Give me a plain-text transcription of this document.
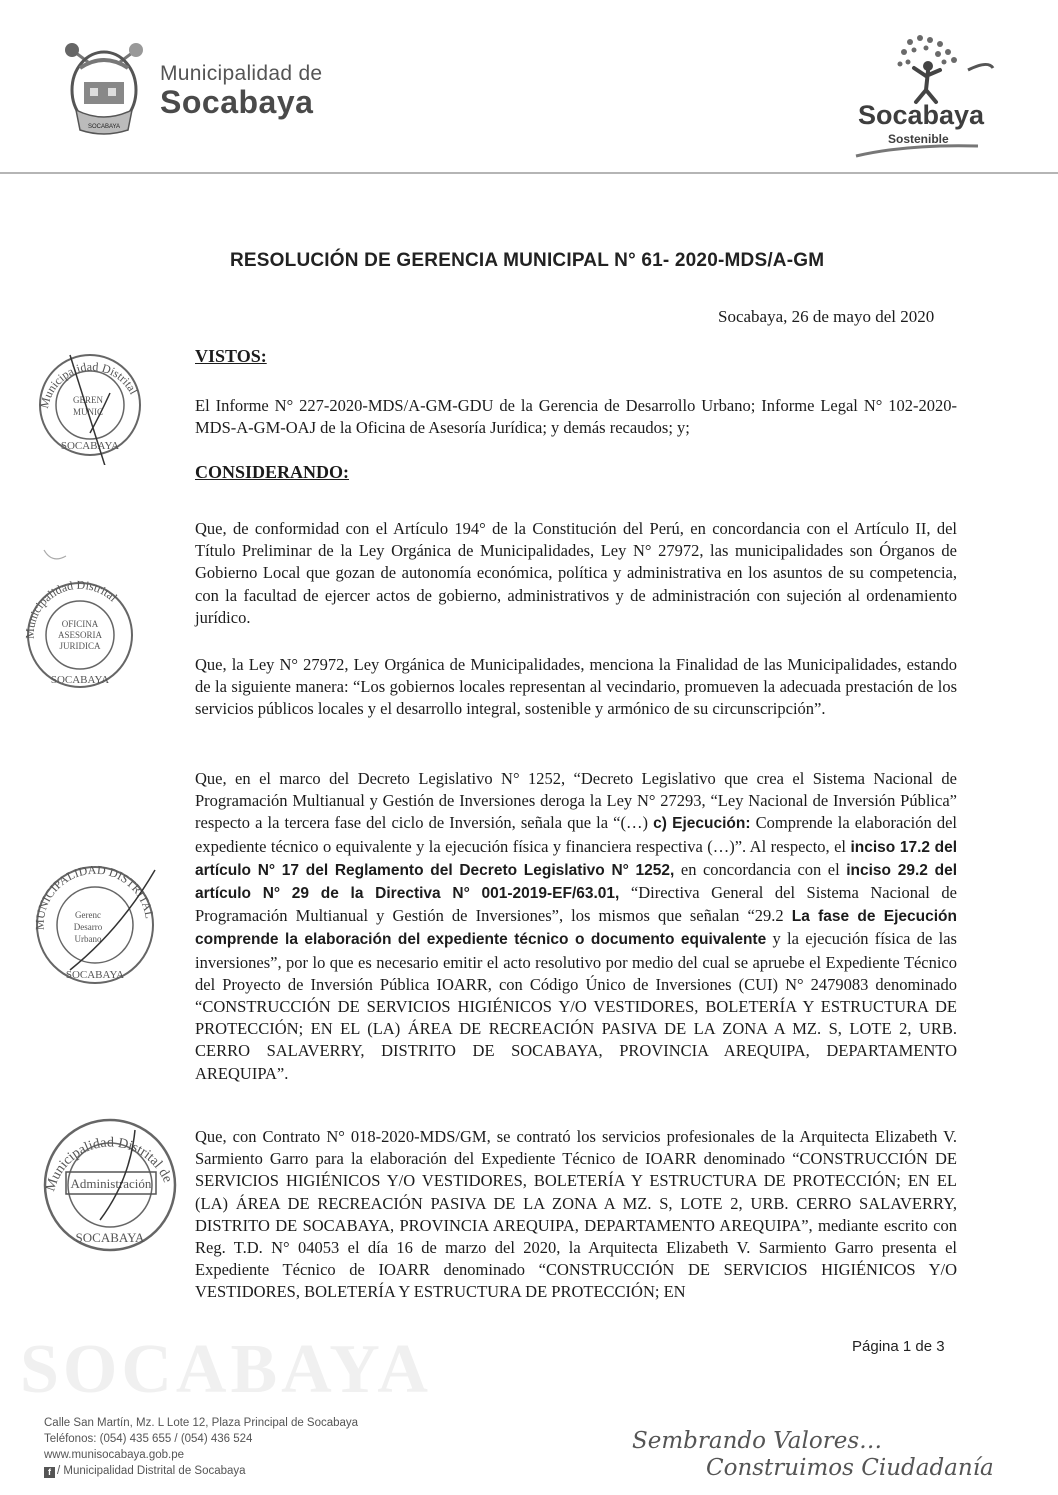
SOCABAYA
Municipalidad de
Socabaya	Socabaya
Sostenible
RESOLUCIÓN DE GERENCIA MUNICIPAL N° 61- 2020-MDS/A-GM
Socabaya, 26 de mayo del 2020
Municipalidad Distrital
SOCABAYA
GEREN
MUNIC
Municipalidad Distrital
SOCABAYA
OFICINA
ASESORIA
JURIDICA
MUNICIPALIDAD DISTRITAL
SOCABAYA
Gerenc
Desarro
Urbano
Municipalidad Distrital de
Administración
SOCABAYA
VISTOS:
El Informe N° 227-2020-MDS/A-GM-GDU de la Gerencia de Desarrollo Urbano; Informe Legal N° 102-2020-MDS-A-GM-OAJ de la Oficina de Asesoría Jurídica; y demás recaudos; y;
CONSIDERANDO:
Que, de conformidad con el Artículo 194° de la Constitución del Perú, en concordancia con el Artículo II, del Título Preliminar de la Ley Orgánica de Municipalidades, Ley N° 27972, las municipalidades son Órganos de Gobierno Local que gozan de autonomía económica, política y administrativa en los asuntos de su competencia, con la facultad de ejercer actos de gobierno, administrativos y de administración con sujeción al ordenamiento jurídico.
Que, la Ley N° 27972, Ley Orgánica de Municipalidades, menciona la Finalidad de las Municipalidades, estando de la siguiente manera: “Los gobiernos locales representan al vecindario, promueven la adecuada prestación de los servicios públicos locales y el desarrollo integral, sostenible y armónico de su circunscripción”.
Que, en el marco del Decreto Legislativo N° 1252, “Decreto Legislativo que crea el Sistema Nacional de Programación Multianual y Gestión de Inversiones deroga la Ley N° 27293, “Ley Nacional de Inversión Pública” respecto a la tercera fase del ciclo de Inversión, señala que la “(…) c) Ejecución: Comprende la elaboración del expediente técnico o equivalente y la ejecución física y financiera respectiva (…)”. Al respecto, el inciso 17.2 del artículo N° 17 del Reglamento del Decreto Legislativo N° 1252, en concordancia con el inciso 29.2 del artículo N° 29 de la Directiva N° 001-2019-EF/63.01, “Directiva General del Sistema Nacional de Programación Multianual y Gestión de Inversiones”, los mismos que señalan “29.2 La fase de Ejecución comprende la elaboración del expediente técnico o documento equivalente y la ejecución física de las inversiones”, por lo que es necesario emitir el acto resolutivo por medio del cual se apruebe el Expediente Técnico del Proyecto de Inversión Pública IOARR, con Código Único de Inversiones (CUI) N° 2479083 denominado “CONSTRUCCIÓN DE SERVICIOS HIGIÉNICOS Y/O VESTIDORES, BOLETERÍA Y ESTRUCTURA DE PROTECCIÓN; EN EL (LA) ÁREA DE RECREACIÓN PASIVA DE LA ZONA A MZ. S, LOTE 2, URB. CERRO SALAVERRY, DISTRITO DE SOCABAYA, PROVINCIA AREQUIPA, DEPARTAMENTO AREQUIPA”.
Que, con Contrato N° 018-2020-MDS/GM, se contrató los servicios profesionales de la Arquitecta Elizabeth V. Sarmiento Garro para la elaboración del Expediente Técnico de IOARR denominado “CONSTRUCCIÓN DE SERVICIOS HIGIÉNICOS Y/O VESTIDORES, BOLETERÍA Y ESTRUCTURA DE PROTECCIÓN; EN EL (LA) ÁREA DE RECREACIÓN PASIVA DE LA ZONA A MZ. S, LOTE 2, URB. CERRO SALAVERRY, DISTRITO DE SOCABAYA, PROVINCIA AREQUIPA, DEPARTAMENTO AREQUIPA”, mediante escrito con Reg. T.D. N° 04053 el día 16 de marzo del 2020, la Arquitecta Elizabeth V. Sarmiento Garro presenta el Expediente Técnico de IOARR denominado “CONSTRUCCIÓN DE SERVICIOS HIGIÉNICOS Y/O VESTIDORES, BOLETERÍA Y ESTRUCTURA DE PROTECCIÓN; EN
SOCABAYA	Página 1 de 3
Calle San Martín, Mz. L Lote 12, Plaza Principal de Socabaya
Teléfonos: (054) 435 655 / (054) 436 524
www.munisocabaya.gob.pe
f / Municipalidad Distrital de Socabaya
Sembrando Valores…
Construimos Ciudadanía
